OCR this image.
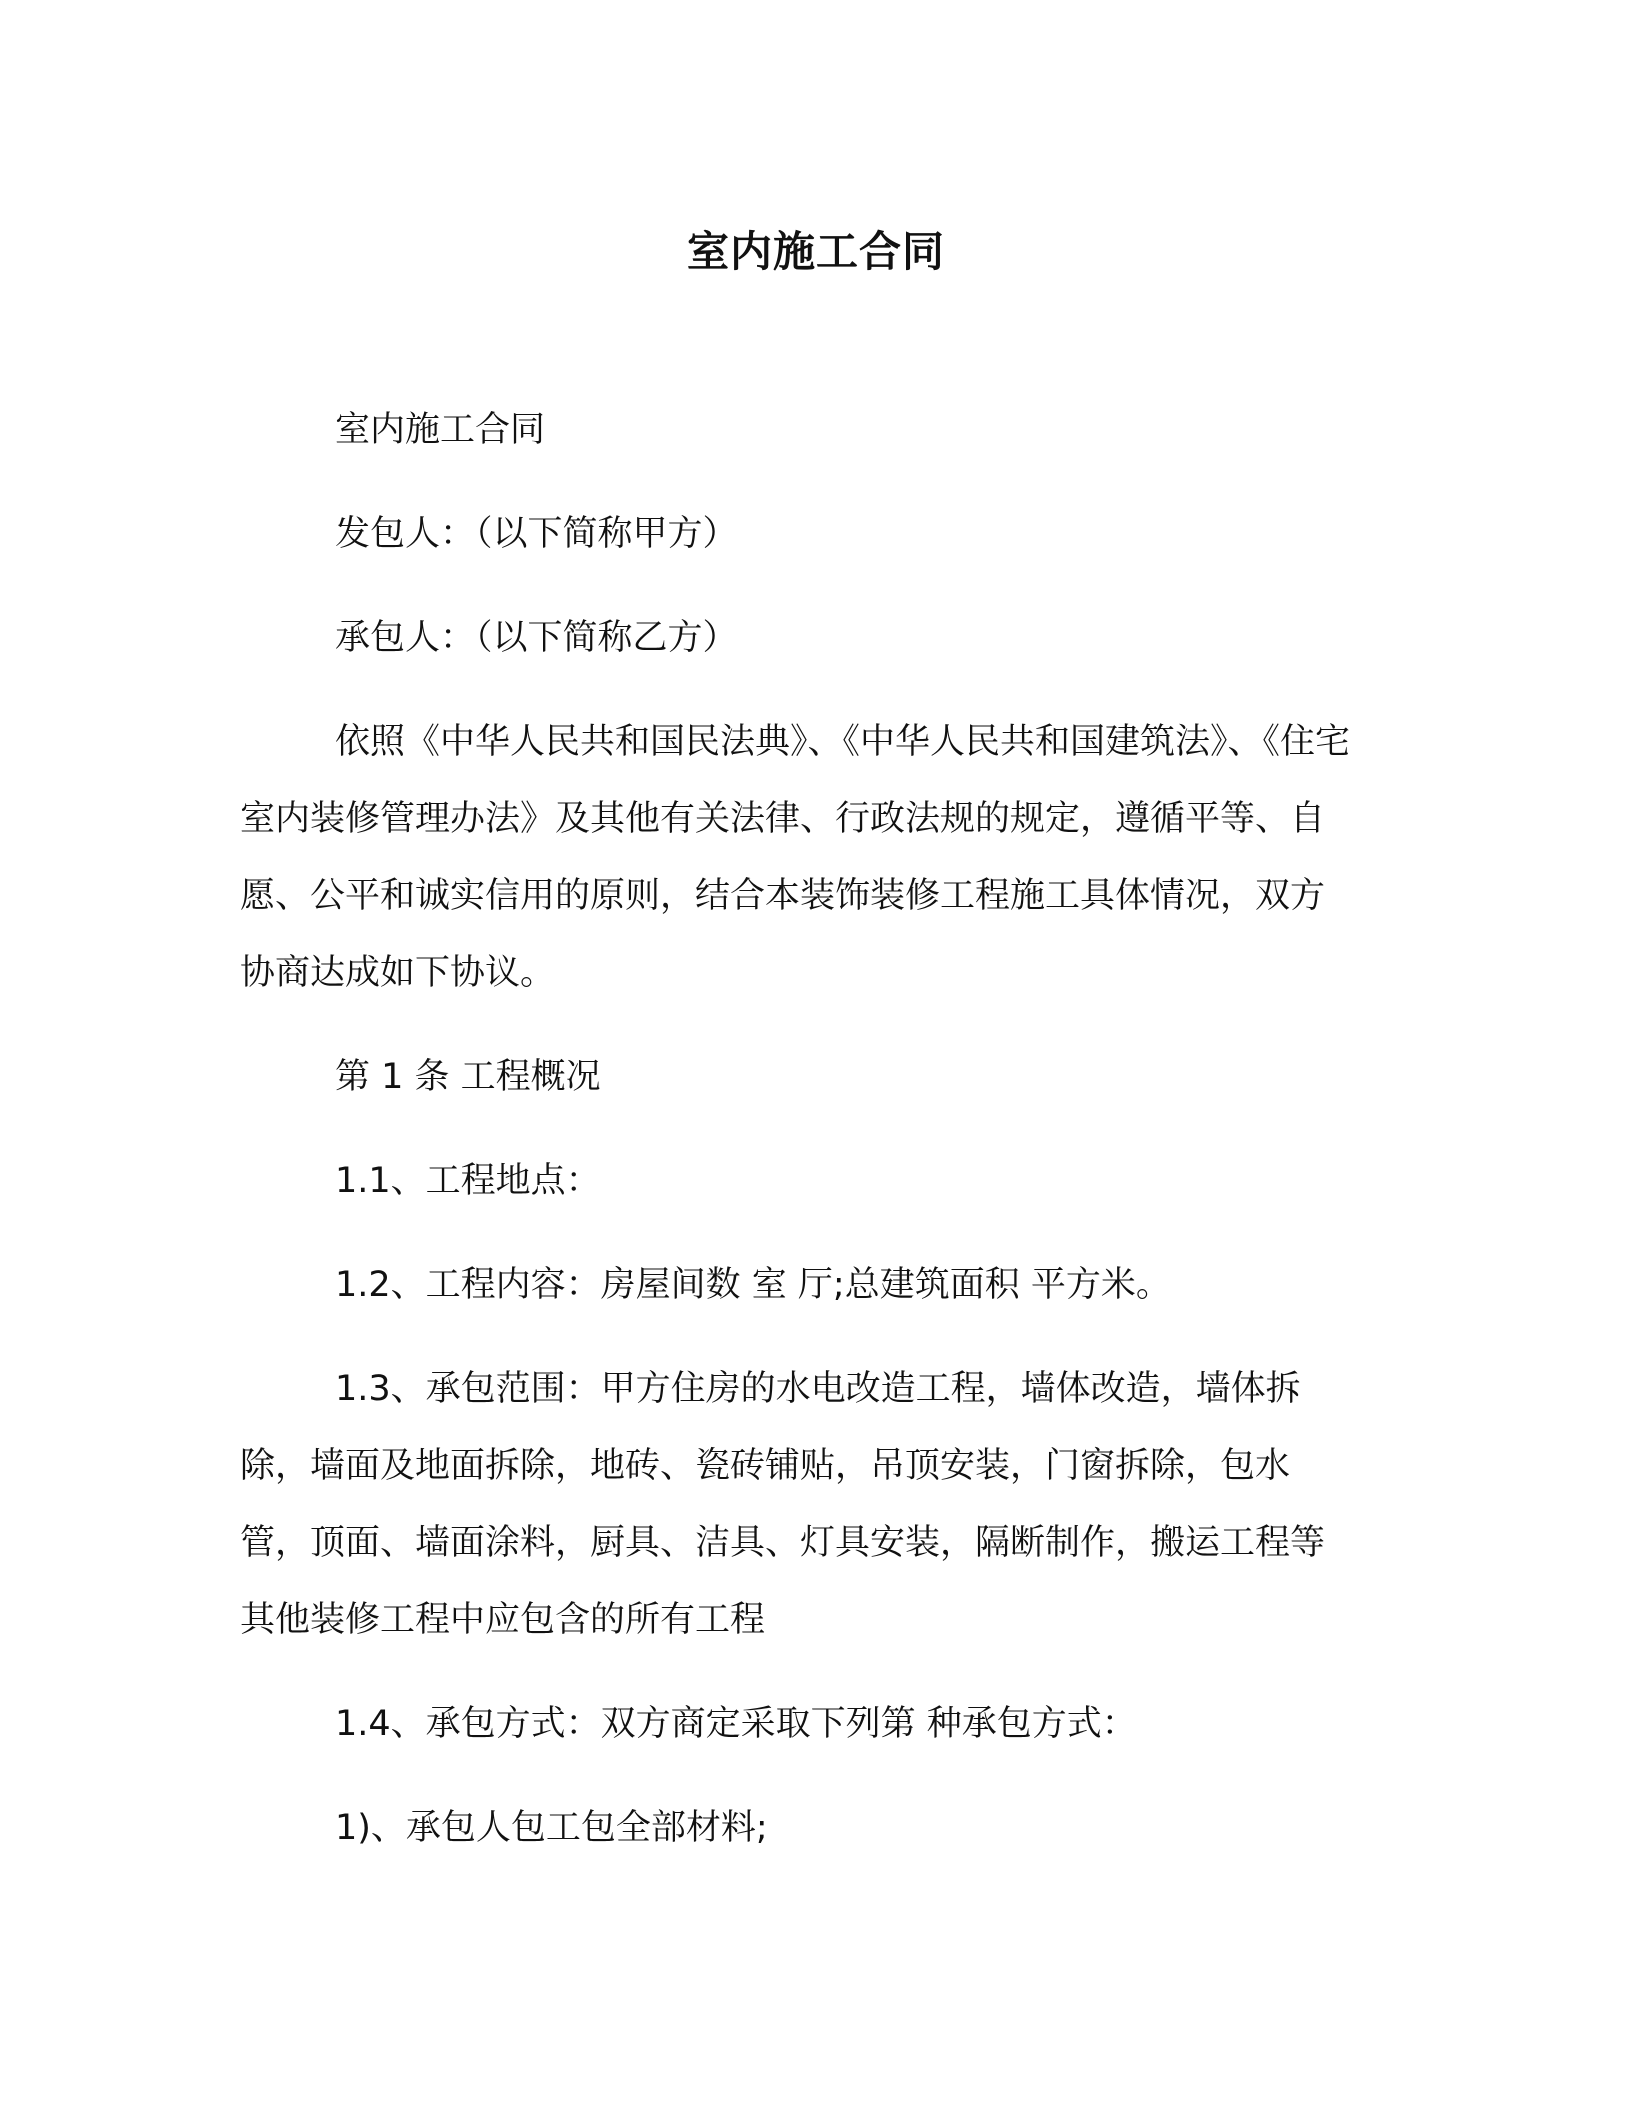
室内施工合同

室内施工合同

发包人：（以下简称甲方）

承包人：（以下简称乙方）

依照《中华人民共和国民法典》、《中华人民共和国建筑法》、《住宅室内装修管理办法》及其他有关法律、行政法规的规定，遵循平等、自愿、公平和诚实信用的原则，结合本装饰装修工程施工具体情况，双方协商达成如下协议。

第 1 条 工程概况

1.1、工程地点：

1.2、工程内容：房屋间数 室 厅;总建筑面积 平方米。

1.3、承包范围：甲方住房的水电改造工程，墙体改造，墙体拆除，墙面及地面拆除，地砖、瓷砖铺贴，吊顶安装，门窗拆除，包水管，顶面、墙面涂料，厨具、洁具、灯具安装，隔断制作，搬运工程等其他装修工程中应包含的所有工程

1.4、承包方式：双方商定采取下列第 种承包方式：

1)、承包人包工包全部材料;
